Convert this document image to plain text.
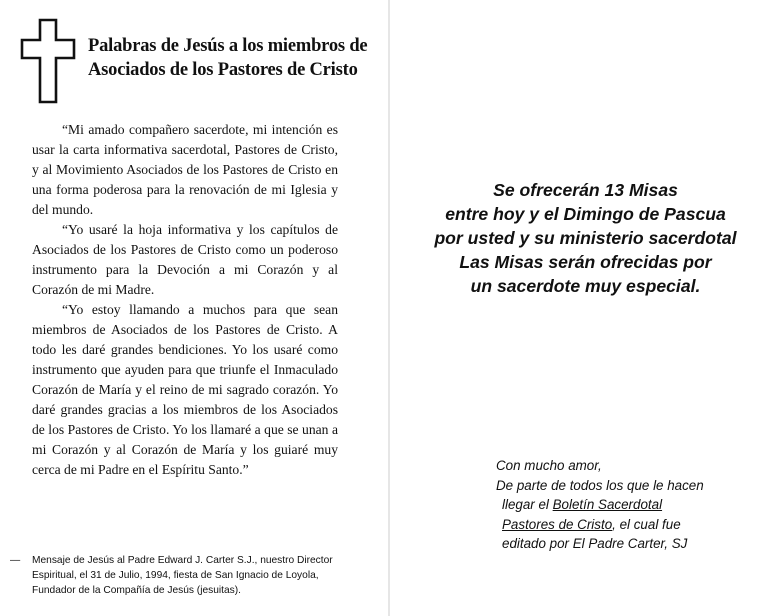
Palabras de Jesús a los miembros de Asociados de los Pastores de Cristo

“Mi amado compañero sacerdote, mi intención es usar la carta informativa sacerdotal, Pastores de Cristo, y al Movimiento Asociados de los Pastores de Cristo en una forma poderosa para la renovación de mi Iglesia y del mundo.

“Yo usaré la hoja informativa y los capítulos de Asociados de los Pastores de Cristo como un poderoso instrumento para la Devoción a mi Corazón y al Corazón de mi Madre.

“Yo estoy llamando a muchos para que sean miembros de Asociados de los Pastores de Cristo. A todo les daré grandes bendiciones. Yo los usaré como instrumento que ayuden para que triunfe el Inmaculado Corazón de María y el reino de mi sagrado corazón. Yo daré grandes gracias a los miembros de los Asociados de los Pastores de Cristo. Yo los llamaré a que se unan a mi Corazón y al Corazón de María y los guiaré muy cerca de mi Padre en el Espíritu Santo.”

—	Mensaje de Jesús al Padre Edward J. Carter S.J., nuestro Director Espiritual, el 31 de Julio, 1994, fiesta de San Ignacio de Loyola, Fundador de la Compañía de Jesús (jesuitas).
Se ofrecerán 13 Misas
entre hoy y el Dimingo de Pascua
por usted y su ministerio sacerdotal
Las Misas serán ofrecidas por
un sacerdote muy especial.
Con mucho amor,
De parte de todos los que le hacen
llegar el Boletín Sacerdotal
Pastores de Cristo, el cual fue
editado por El Padre Carter, SJ
